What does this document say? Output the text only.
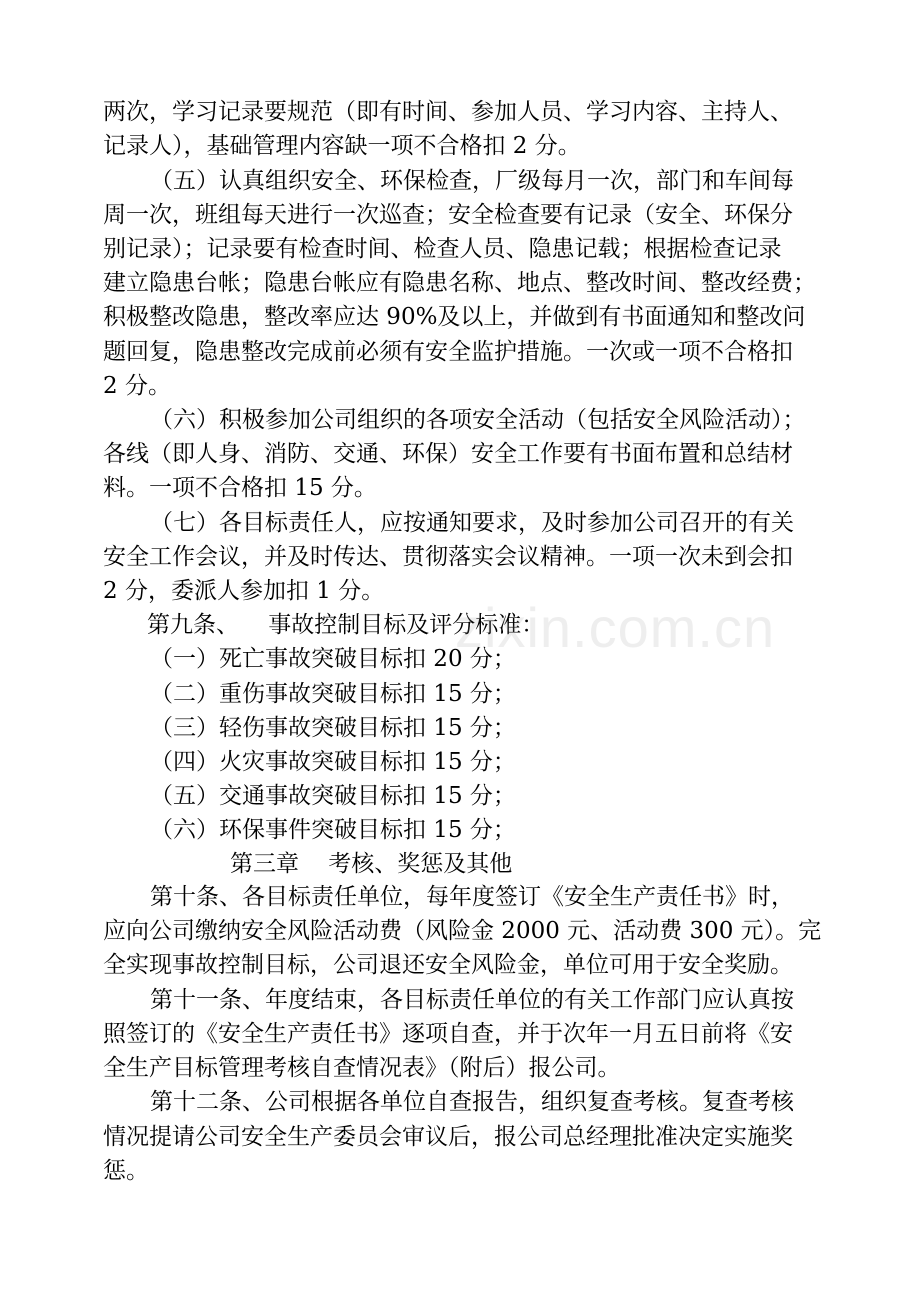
两次，学习记录要规范（即有时间、参加人员、学习内容、主持人、
记录人），基础管理内容缺一项不合格扣 2 分。
（五）认真组织安全、环保检查，厂级每月一次，部门和车间每
周一次，班组每天进行一次巡查；安全检查要有记录（安全、环保分
别记录）；记录要有检查时间、检查人员、隐患记载；根据检查记录
建立隐患台帐；隐患台帐应有隐患名称、地点、整改时间、整改经费；
积极整改隐患，整改率应达 90%及以上，并做到有书面通知和整改问
题回复，隐患整改完成前必须有安全监护措施。一次或一项不合格扣
2 分。
（六）积极参加公司组织的各项安全活动（包括安全风险活动）；
各线（即人身、消防、交通、环保）安全工作要有书面布置和总结材
料。一项不合格扣 15 分。
（七）各目标责任人，应按通知要求，及时参加公司召开的有关
安全工作会议，并及时传达、贯彻落实会议精神。一项一次未到会扣
2 分，委派人参加扣 1 分。
第九条、    事故控制目标及评分标准：
（一）死亡事故突破目标扣 20 分；
（二）重伤事故突破目标扣 15 分；
（三）轻伤事故突破目标扣 15 分；
（四）火灾事故突破目标扣 15 分；
（五）交通事故突破目标扣 15 分；
（六）环保事件突破目标扣 15 分；
第三章    考核、奖惩及其他
第十条、各目标责任单位，每年度签订《安全生产责任书》时，
应向公司缴纳安全风险活动费（风险金 2000 元、活动费 300 元）。完
全实现事故控制目标，公司退还安全风险金，单位可用于安全奖励。
第十一条、年度结束，各目标责任单位的有关工作部门应认真按
照签订的《安全生产责任书》逐项自查，并于次年一月五日前将《安
全生产目标管理考核自查情况表》（附后）报公司。
第十二条、公司根据各单位自查报告，组织复查考核。复查考核
情况提请公司安全生产委员会审议后，报公司总经理批准决定实施奖
惩。
zixin.com.cn
